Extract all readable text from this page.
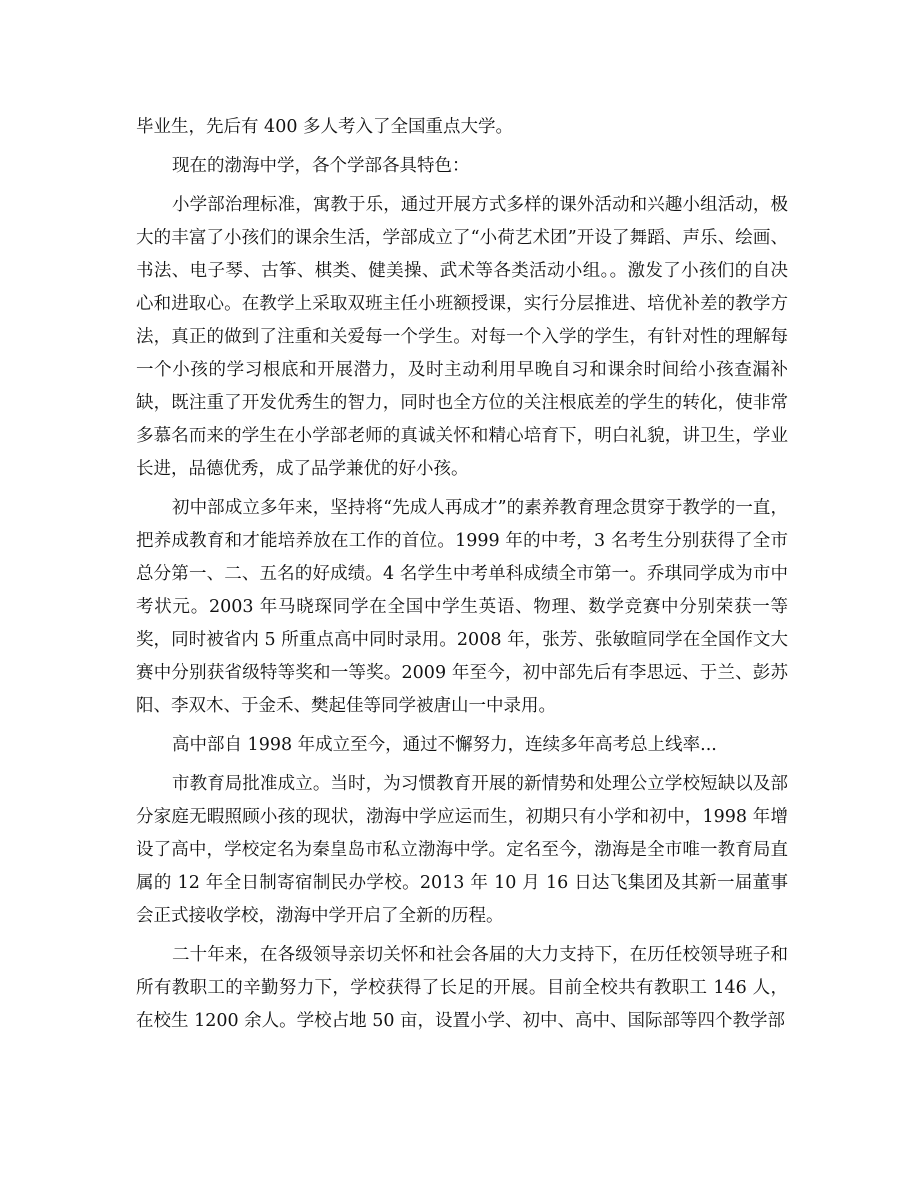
毕业生，先后有 400 多人考入了全国重点大学。

现在的渤海中学，各个学部各具特色：

小学部治理标准，寓教于乐，通过开展方式多样的课外活动和兴趣小组活动，极大的丰富了小孩们的课余生活，学部成立了“小荷艺术团”开设了舞蹈、声乐、绘画、书法、电子琴、古筝、棋类、健美操、武术等各类活动小组。。激发了小孩们的自决心和进取心。在教学上采取双班主任小班额授课，实行分层推进、培优补差的教学方法，真正的做到了注重和关爱每一个学生。对每一个入学的学生，有针对性的理解每一个小孩的学习根底和开展潜力，及时主动利用早晚自习和课余时间给小孩查漏补缺，既注重了开发优秀生的智力，同时也全方位的关注根底差的学生的转化，使非常多慕名而来的学生在小学部老师的真诚关怀和精心培育下，明白礼貌，讲卫生，学业长进，品德优秀，成了品学兼优的好小孩。

初中部成立多年来，坚持将“先成人再成才”的素养教育理念贯穿于教学的一直，把养成教育和才能培养放在工作的首位。1999 年的中考，3 名考生分别获得了全市总分第一、二、五名的好成绩。4 名学生中考单科成绩全市第一。乔琪同学成为市中考状元。2003 年马晓琛同学在全国中学生英语、物理、数学竞赛中分别荣获一等奖，同时被省内 5 所重点高中同时录用。2008 年，张芳、张敏暄同学在全国作文大赛中分别获省级特等奖和一等奖。2009 年至今，初中部先后有李思远、于兰、彭苏阳、李双木、于金禾、樊起佳等同学被唐山一中录用。

高中部自 1998 年成立至今，通过不懈努力，连续多年高考总上线率...

市教育局批准成立。当时，为习惯教育开展的新情势和处理公立学校短缺以及部分家庭无暇照顾小孩的现状，渤海中学应运而生，初期只有小学和初中，1998 年增设了高中，学校定名为秦皇岛市私立渤海中学。定名至今，渤海是全市唯一教育局直属的 12 年全日制寄宿制民办学校。2013 年 10 月 16 日达飞集团及其新一届董事会正式接收学校，渤海中学开启了全新的历程。

二十年来，在各级领导亲切关怀和社会各届的大力支持下，在历任校领导班子和所有教职工的辛勤努力下，学校获得了长足的开展。目前全校共有教职工 146 人，在校生 1200 余人。学校占地 50 亩，设置小学、初中、高中、国际部等四个教学部
